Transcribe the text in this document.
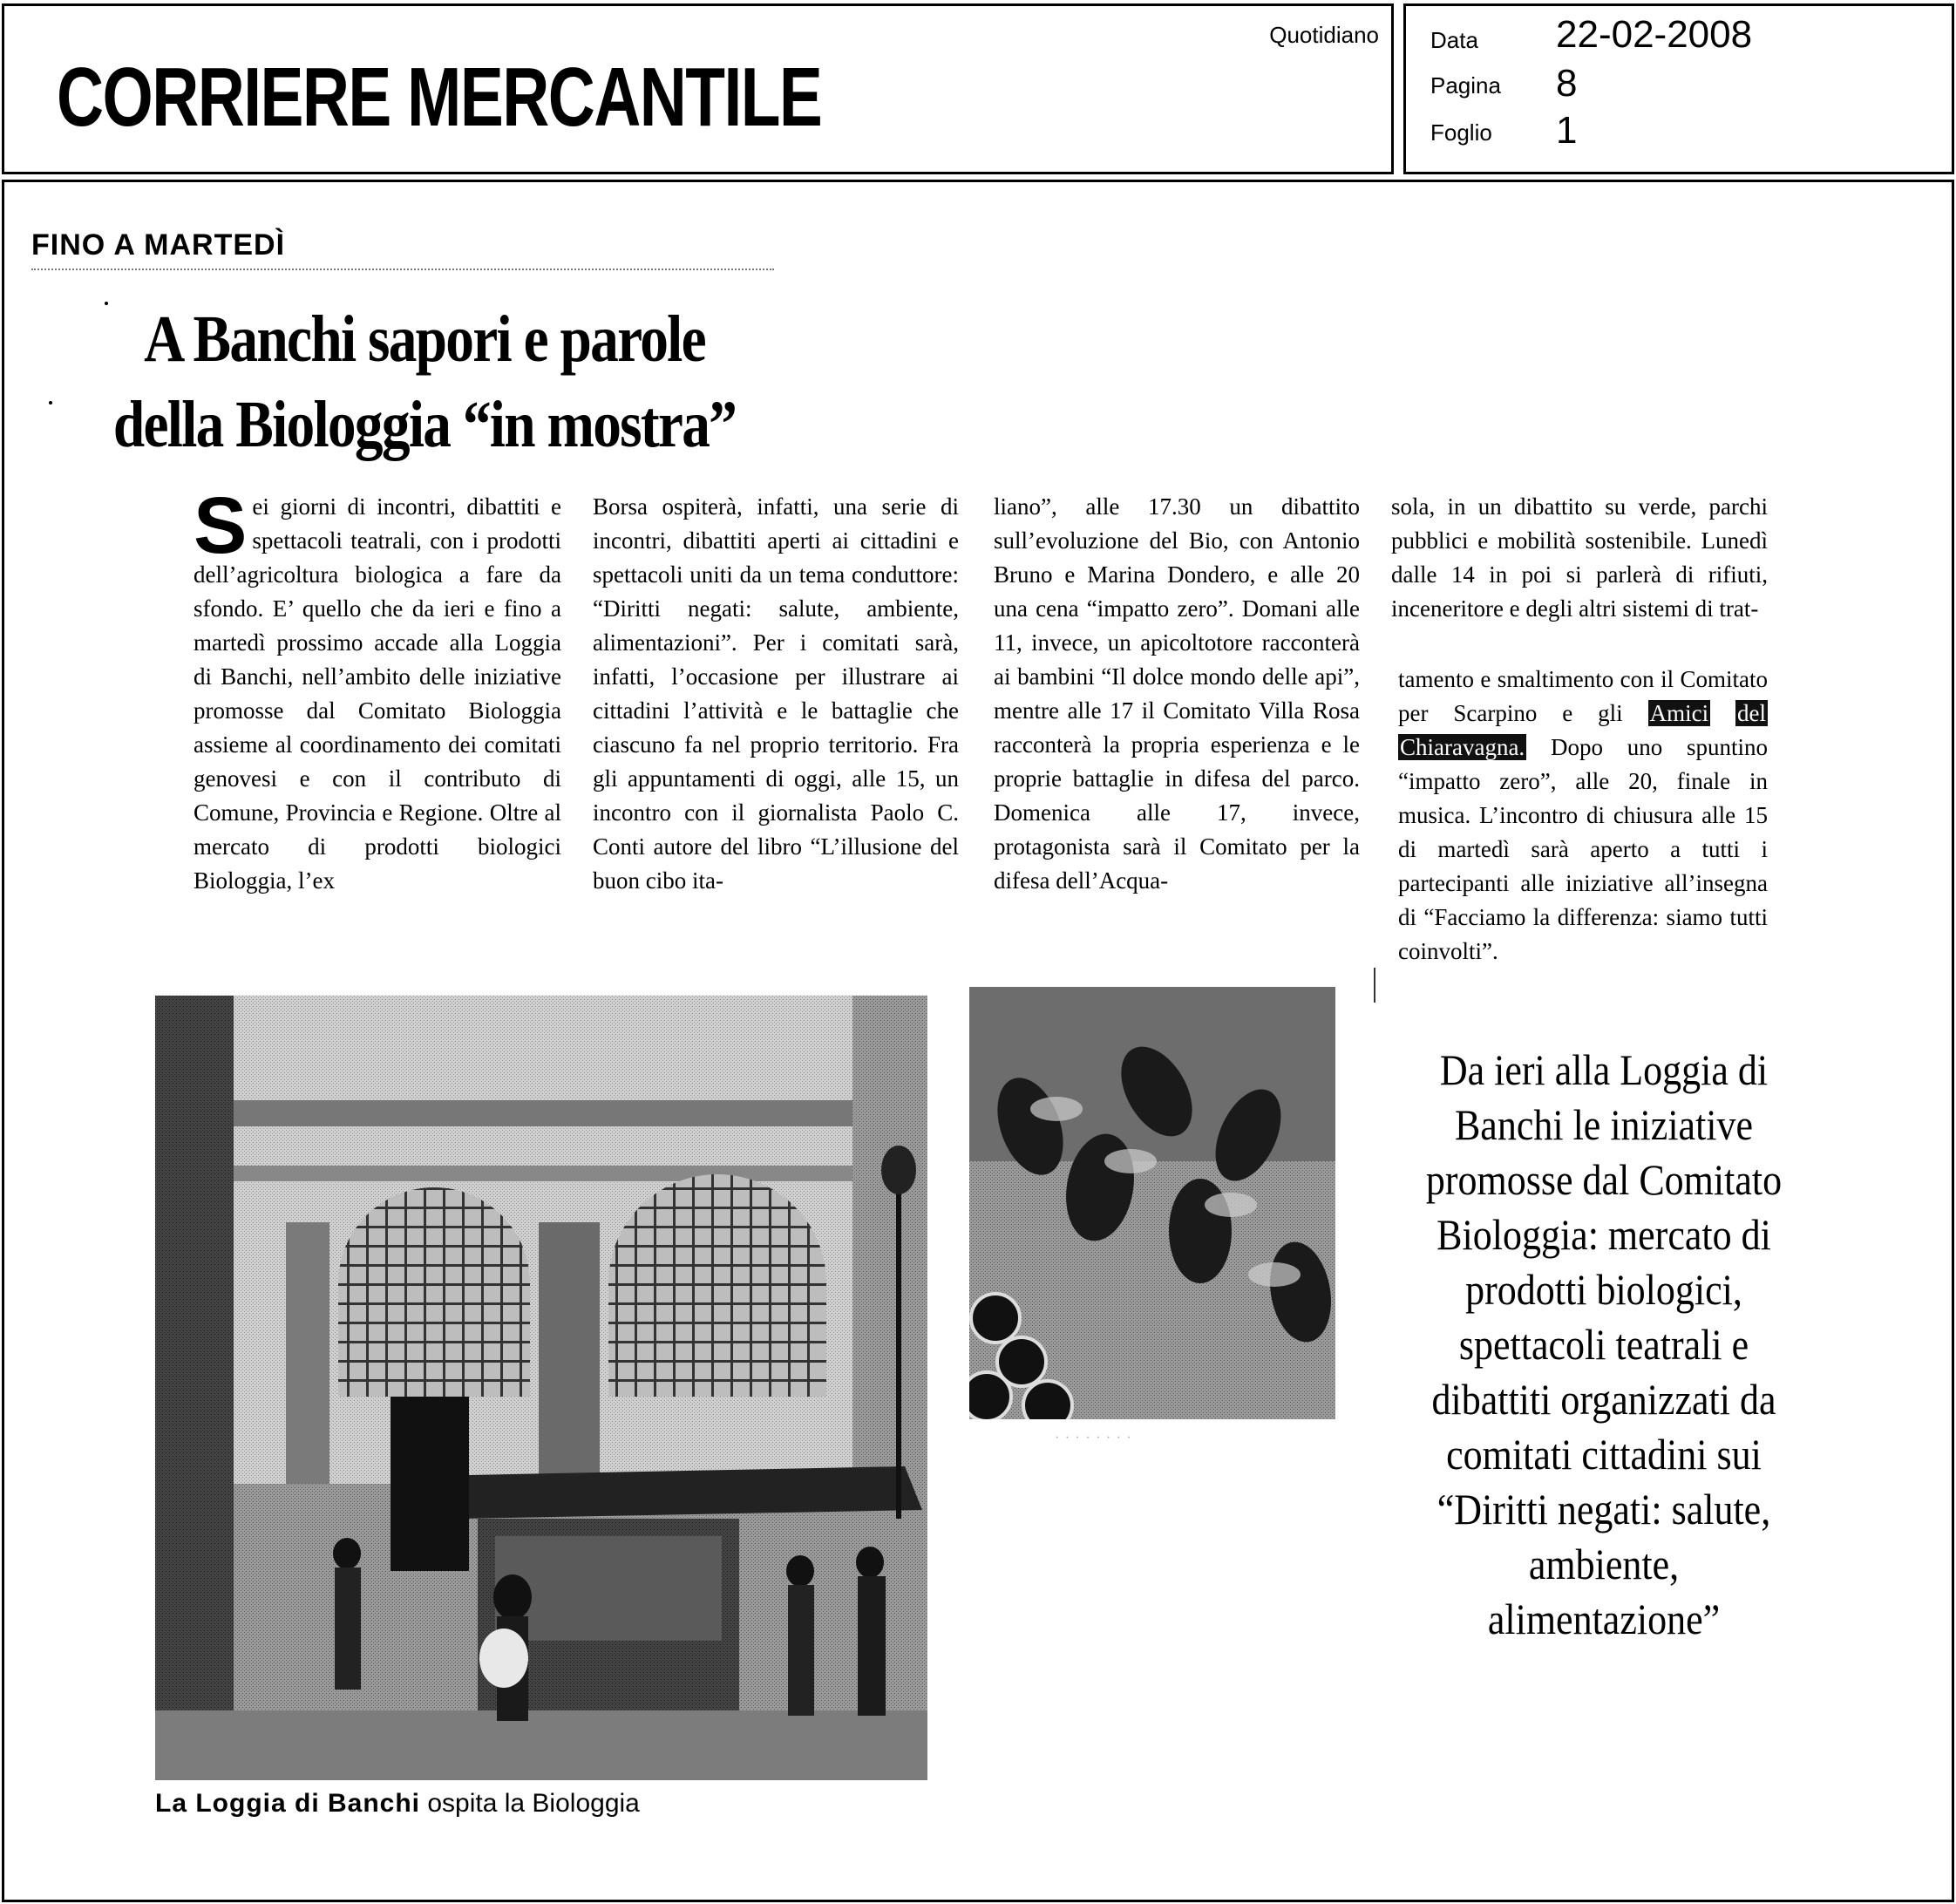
CORRIERE MERCANTILE
Quotidiano Data 22-02-2008
Pagina 8
Foglio 1
FINO A MARTEDÌ
A Banchi sapori e parole
della Biologgia “in mostra”
Sei giorni di incontri, dibattiti e spettacoli teatrali, con i prodotti dell’agricoltura biologica a fare da sfondo. E’ quello che da ieri e fino a martedì prossimo accade alla Loggia di Banchi, nell’ambito delle iniziative promosse dal Comitato Biologgia assieme al coordinamento dei comitati genovesi e con il contributo di Comune, Provincia e Regione. Oltre al mercato di prodotti biologici Biologgia, l’ex
Borsa ospiterà, infatti, una serie di incontri, dibattiti aperti ai cittadini e spettacoli uniti da un tema conduttore: “Diritti negati: salute, ambiente, alimentazioni”. Per i comitati sarà, infatti, l’occasione per illustrare ai cittadini l’attività e le battaglie che ciascuno fa nel proprio territorio. Fra gli appuntamenti di oggi, alle 15, un incontro con il giornalista Paolo C. Conti autore del libro “L’illusione del buon cibo ita-
liano”, alle 17.30 un dibattito sull’evoluzione del Bio, con Antonio Bruno e Marina Dondero, e alle 20 una cena “impatto zero”. Domani alle 11, invece, un apicoltotore racconterà ai bambini “Il dolce mondo delle api”, mentre alle 17 il Comitato Villa Rosa racconterà la propria esperienza e le proprie battaglie in difesa del parco. Domenica alle 17, invece, protagonista sarà il Comitato per la difesa dell’Acqua-
sola, in un dibattito su verde, parchi pubblici e mobilità sostenibile. Lunedì dalle 14 in poi si parlerà di rifiuti, inceneritore e degli altri sistemi di trat-
tamento e smaltimento con il Comitato per Scarpino e gli Amici del Chiaravagna. Dopo uno spuntino “impatto zero”, alle 20, finale in musica. L’incontro di chiusura alle 15 di martedì sarà aperto a tutti i partecipanti alle iniziative all’insegna di “Facciamo la differenza: siamo tutti coinvolti”.
La Loggia di Banchi ospita la Biologgia
· · · · · · · ·
Da ieri alla Loggia di Banchi le iniziative promosse dal Comitato Biologgia: mercato di prodotti biologici, spettacoli teatrali e dibattiti organizzati da comitati cittadini sui “Diritti negati: salute, ambiente, alimentazione”
